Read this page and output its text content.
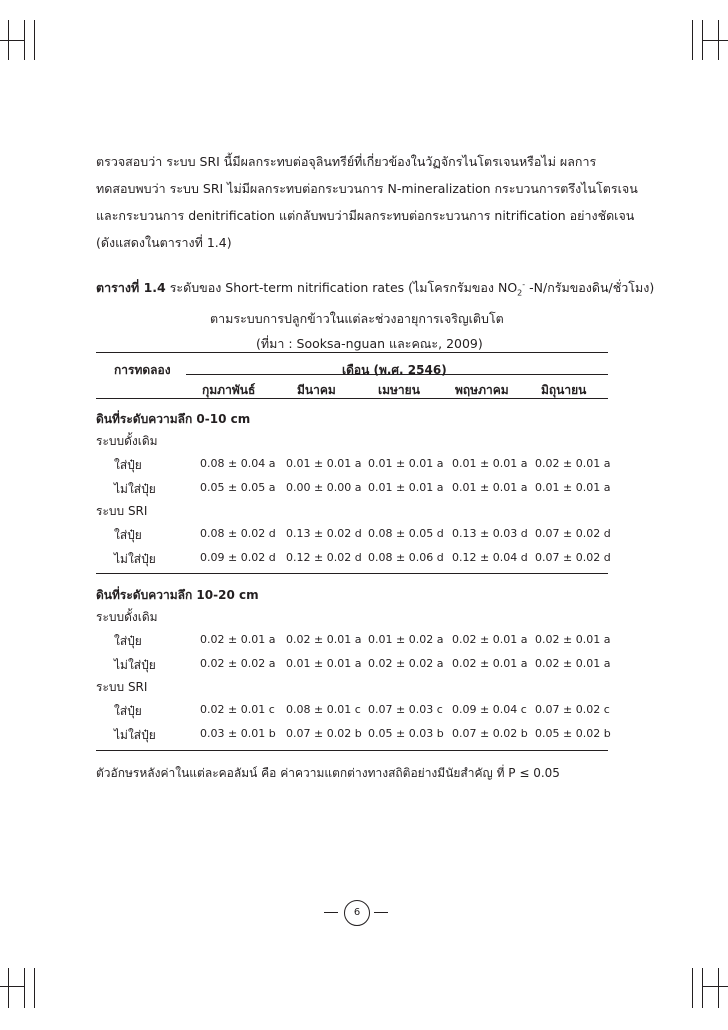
ตรวจสอบว่า ระบบ SRI นี้มีผลกระทบต่อจุลินทรีย์ที่เกี่ยวข้องในวัฏจักรไนโตรเจนหรือไม่ ผลการ
ทดสอบพบว่า ระบบ SRI ไม่มีผลกระทบต่อกระบวนการ N-mineralization กระบวนการตรึงไนโตรเจน
และกระบวนการ denitrification แต่กลับพบว่ามีผลกระทบต่อกระบวนการ nitrification อย่างชัดเจน
(ดังแสดงในตารางที่ 1.4)
ตารางที่ 1.4 ระดับของ Short-term nitrification rates (ไมโครกรัมของ $NO_2^-$ -N/กรัมของดิน/ชั่วโมง)
ตามระบบการปลูกข้าวในแต่ละช่วงอายุการเจริญเติบโต
(ที่มา : Sooksa-nguan และคณะ, 2009)
การทดลอง	เดือน (พ.ศ. 2546)
กุมภาพันธ์	มีนาคม	เมษายน	พฤษภาคม	มิถุนายน
ดินที่ระดับความลึก 0-10 cm
ระบบดั้งเดิม
ใส่ปุ๋ย	0.08 ± 0.04 a 0.01 ± 0.01 a 0.01 ± 0.01 a 0.01 ± 0.01 a 0.02 ± 0.01 a
ไม่ใส่ปุ๋ย	0.05 ± 0.05 a 0.00 ± 0.00 a 0.01 ± 0.01 a 0.01 ± 0.01 a 0.01 ± 0.01 a
ระบบ SRI
ใส่ปุ๋ย	0.08 ± 0.02 d 0.13 ± 0.02 d 0.08 ± 0.05 d 0.13 ± 0.03 d 0.07 ± 0.02 d
ไม่ใส่ปุ๋ย	0.09 ± 0.02 d 0.12 ± 0.02 d 0.08 ± 0.06 d 0.12 ± 0.04 d 0.07 ± 0.02 d
ดินที่ระดับความลึก 10-20 cm
ระบบดั้งเดิม
ใส่ปุ๋ย	0.02 ± 0.01 a 0.02 ± 0.01 a 0.01 ± 0.02 a 0.02 ± 0.01 a 0.02 ± 0.01 a
ไม่ใส่ปุ๋ย	0.02 ± 0.02 a 0.01 ± 0.01 a 0.02 ± 0.02 a 0.02 ± 0.01 a 0.02 ± 0.01 a
ระบบ SRI
ใส่ปุ๋ย	0.02 ± 0.01 c 0.08 ± 0.01 c 0.07 ± 0.03 c 0.09 ± 0.04 c 0.07 ± 0.02 c
ไม่ใส่ปุ๋ย	0.03 ± 0.01 b 0.07 ± 0.02 b 0.05 ± 0.03 b 0.07 ± 0.02 b 0.05 ± 0.02 b
ตัวอักษรหลังค่าในแต่ละคอลัมน์ คือ ค่าความแตกต่างทางสถิติอย่างมีนัยสำคัญ ที่ P ≤ 0.05
6
